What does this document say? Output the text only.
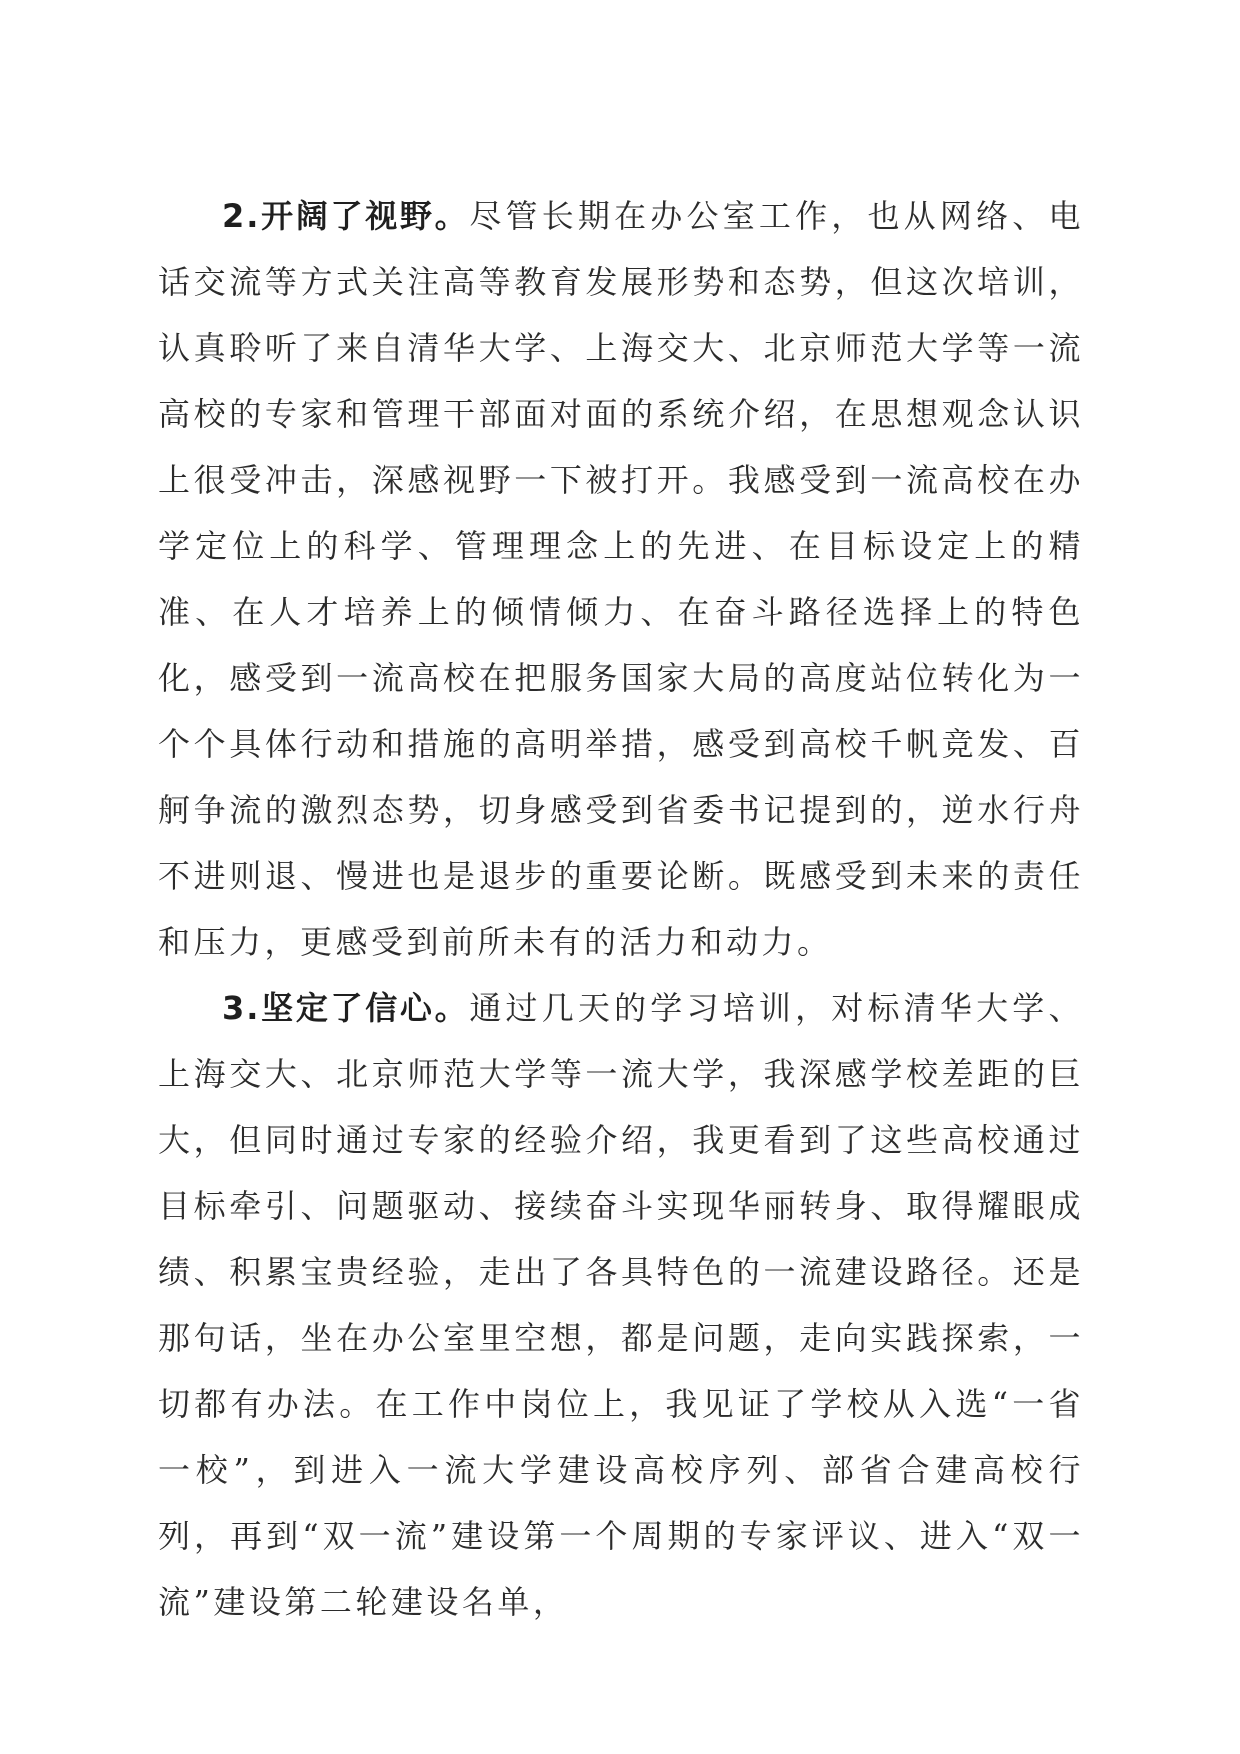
2.开阔了视野。尽管长期在办公室工作，也从网络、电话交流等方式关注高等教育发展形势和态势，但这次培训，认真聆听了来自清华大学、上海交大、北京师范大学等一流高校的专家和管理干部面对面的系统介绍，在思想观念认识上很受冲击，深感视野一下被打开。我感受到一流高校在办学定位上的科学、管理理念上的先进、在目标设定上的精准、在人才培养上的倾情倾力、在奋斗路径选择上的特色化，感受到一流高校在把服务国家大局的高度站位转化为一个个具体行动和措施的高明举措，感受到高校千帆竞发、百舸争流的激烈态势，切身感受到省委书记提到的，逆水行舟不进则退、慢进也是退步的重要论断。既感受到未来的责任和压力，更感受到前所未有的活力和动力。

3.坚定了信心。通过几天的学习培训，对标清华大学、上海交大、北京师范大学等一流大学，我深感学校差距的巨大，但同时通过专家的经验介绍，我更看到了这些高校通过目标牵引、问题驱动、接续奋斗实现华丽转身、取得耀眼成绩、积累宝贵经验，走出了各具特色的一流建设路径。还是那句话，坐在办公室里空想，都是问题，走向实践探索，一切都有办法。在工作中岗位上，我见证了学校从入选“一省一校”，到进入一流大学建设高校序列、部省合建高校行列，再到“双一流”建设第一个周期的专家评议、进入“双一流”建设第二轮建设名单，
